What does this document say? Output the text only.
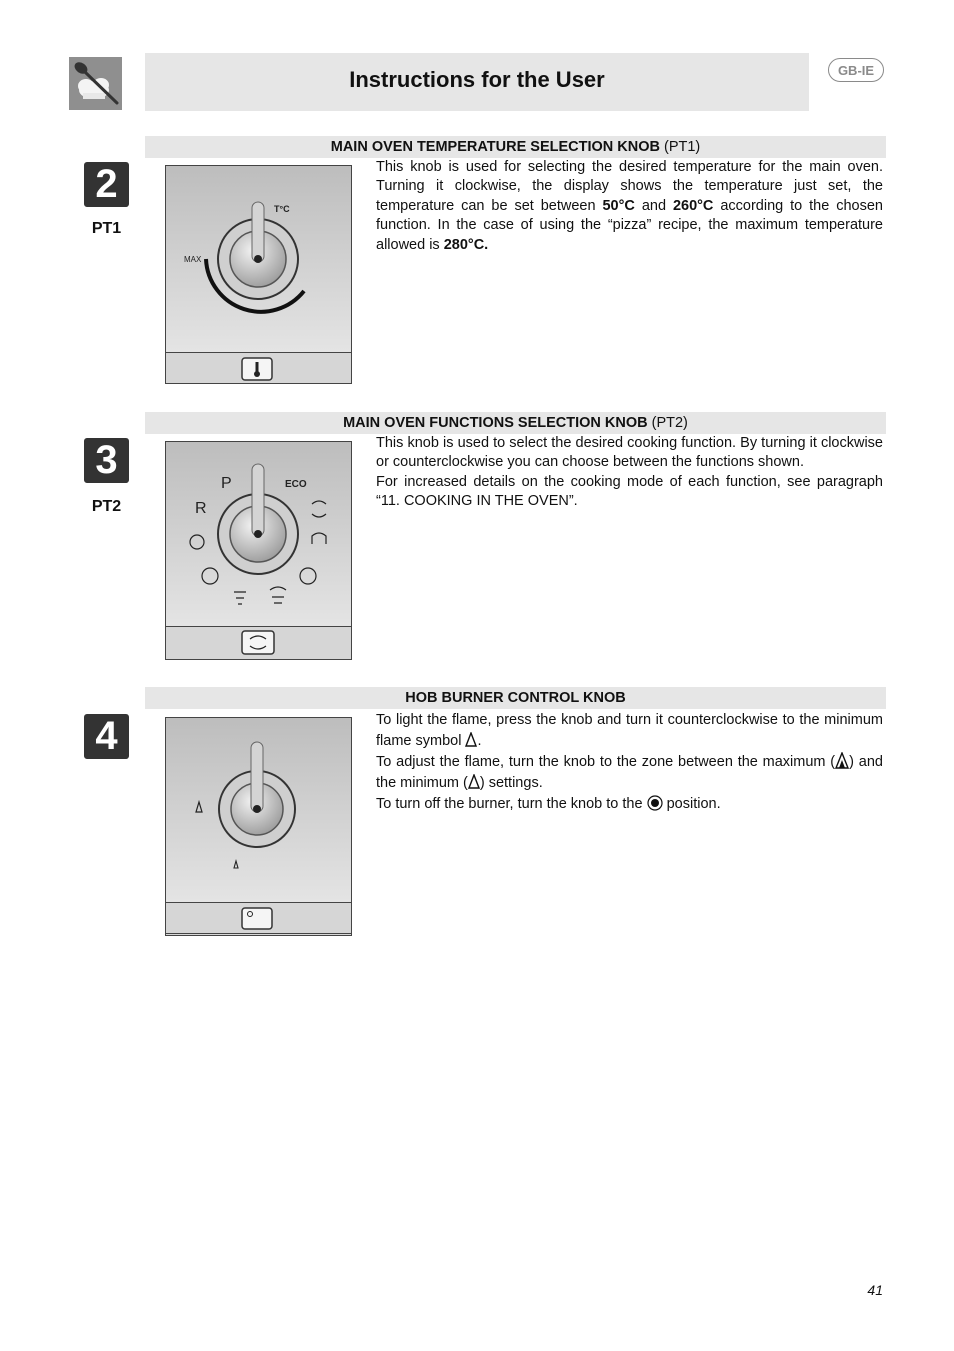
Instructions for the User	GB-IE
MAIN OVEN TEMPERATURE SELECTION KNOB (PT1)
2
PT1
T°C
MAX

This knob is used for selecting the desired temperature for the main oven. Turning it clockwise, the display shows the temperature just set, the temperature can be set between 50°C and 260°C according to the chosen function. In the case of using the “pizza” recipe, the maximum temperature allowed is 280°C.

MAIN OVEN FUNCTIONS SELECTION KNOB (PT2)
3
PT2
P	ECO
R

This knob is used to select the desired cooking function. By turning it clockwise or counterclockwise you can choose between the functions shown.

For increased details on the cooking mode of each function, see paragraph “11. COOKING IN THE OVEN”.

HOB BURNER CONTROL KNOB
4	To light the flame, press the knob and turn it counterclockwise to the minimum flame symbol .

To adjust the flame, turn the knob to the zone between the maximum ( ) and the minimum ( ) settings.

To turn off the burner, turn the knob to the  position.

41
